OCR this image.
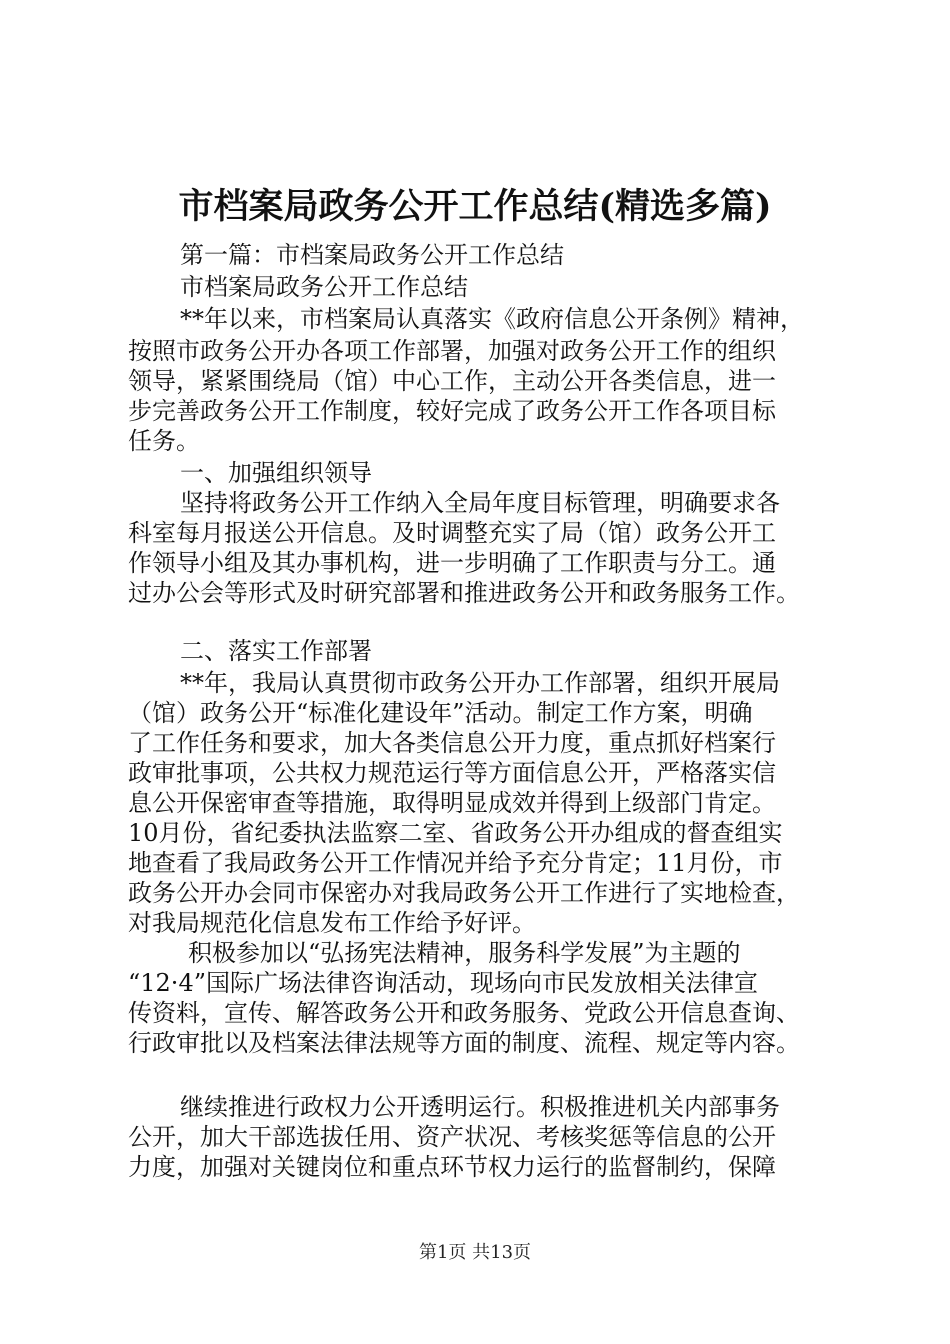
市档案局政务公开工作总结(精选多篇)
第一篇：市档案局政务公开工作总结
市档案局政务公开工作总结
**年以来，市档案局认真落实《政府信息公开条例》精神，
按照市政务公开办各项工作部署，加强对政务公开工作的组织
领导，紧紧围绕局（馆）中心工作，主动公开各类信息，进一
步完善政务公开工作制度，较好完成了政务公开工作各项目标
任务。
一、加强组织领导
坚持将政务公开工作纳入全局年度目标管理，明确要求各
科室每月报送公开信息。及时调整充实了局（馆）政务公开工
作领导小组及其办事机构，进一步明确了工作职责与分工。通
过办公会等形式及时研究部署和推进政务公开和政务服务工作。
二、落实工作部署
**年，我局认真贯彻市政务公开办工作部署，组织开展局
（馆）政务公开“标准化建设年”活动。制定工作方案，明确
了工作任务和要求，加大各类信息公开力度，重点抓好档案行
政审批事项，公共权力规范运行等方面信息公开，严格落实信
息公开保密审查等措施，取得明显成效并得到上级部门肯定。
10月份，省纪委执法监察二室、省政务公开办组成的督查组实
地查看了我局政务公开工作情况并给予充分肯定；11月份，市
政务公开办会同市保密办对我局政务公开工作进行了实地检查，
对我局规范化信息发布工作给予好评。
积极参加以“弘扬宪法精神，服务科学发展”为主题的
“12·4”国际广场法律咨询活动，现场向市民发放相关法律宣
传资料，宣传、解答政务公开和政务服务、党政公开信息查询、
行政审批以及档案法律法规等方面的制度、流程、规定等内容。
继续推进行政权力公开透明运行。积极推进机关内部事务
公开，加大干部选拔任用、资产状况、考核奖惩等信息的公开
力度，加强对关键岗位和重点环节权力运行的监督制约，保障
第1页 共13页
